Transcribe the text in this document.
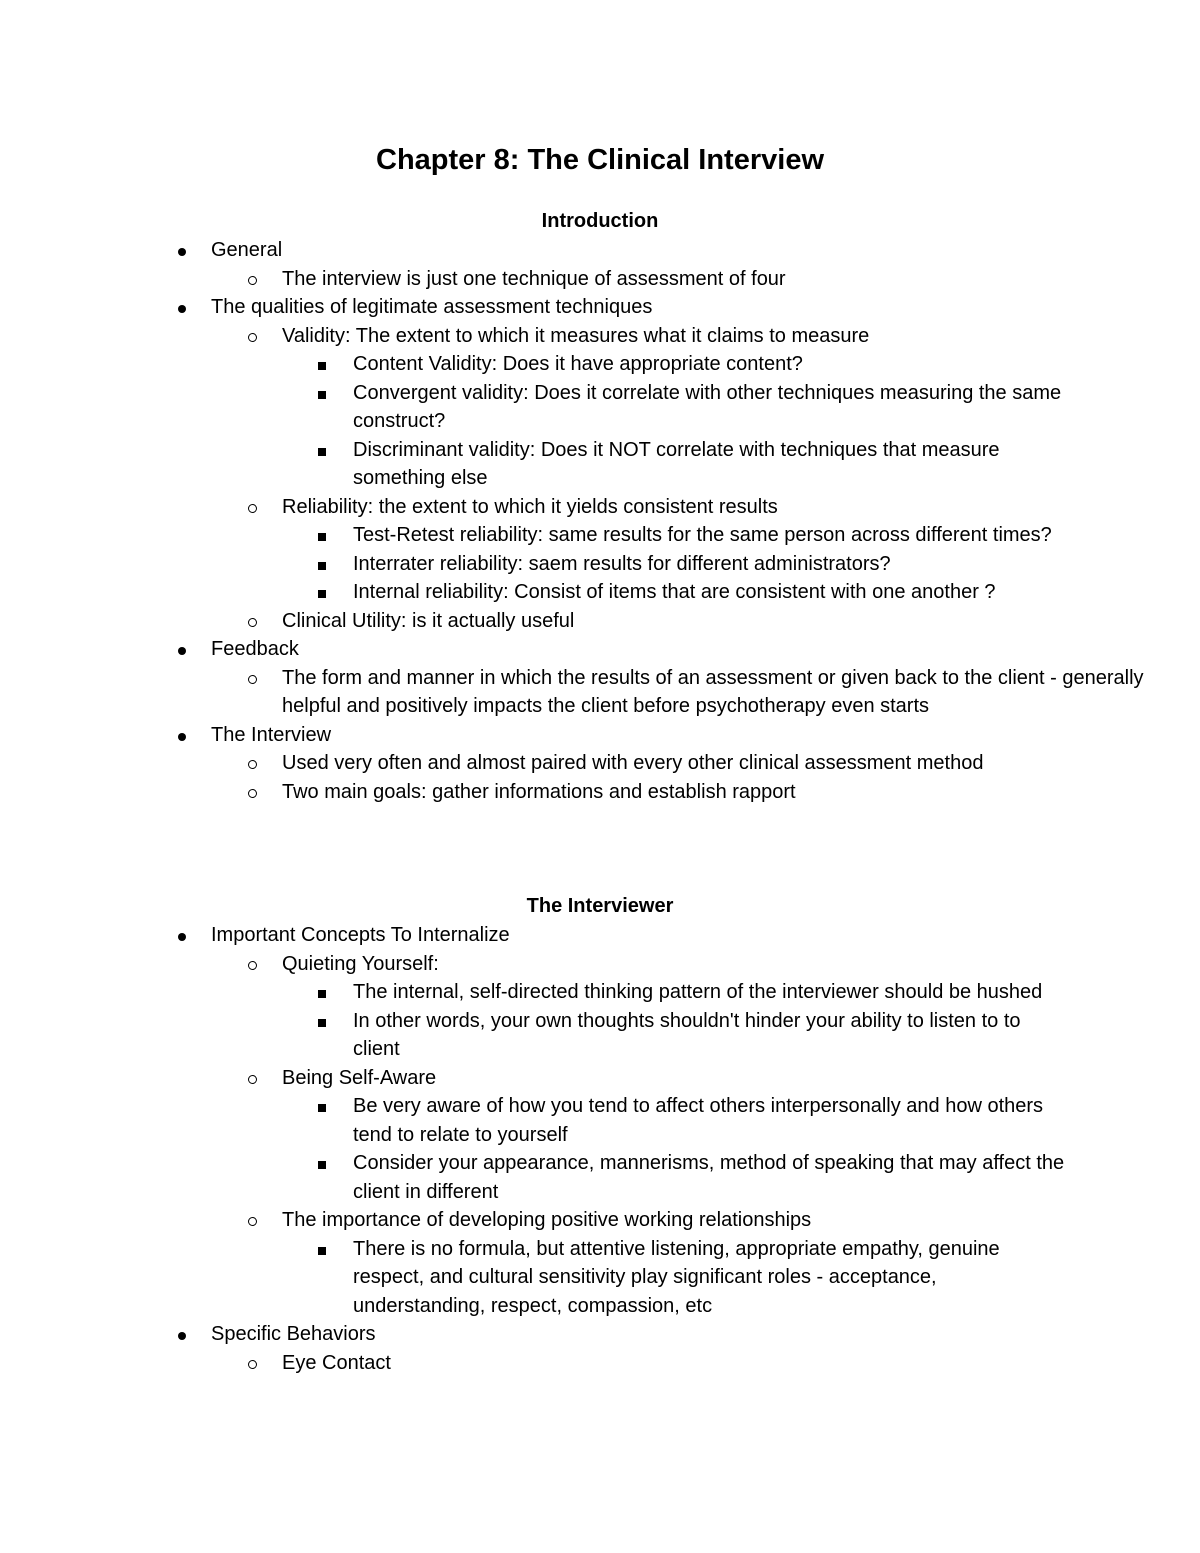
Chapter 8: The Clinical Interview
Introduction
General
The interview is just one technique of assessment of four
The qualities of legitimate assessment techniques
Validity: The extent to which it measures what it claims to measure
Content Validity: Does it have appropriate content?
Convergent validity: Does it correlate with other techniques measuring the same construct?
Discriminant validity: Does it NOT correlate with techniques that measure something else
Reliability: the extent to which it yields consistent results
Test-Retest reliability: same results for the same person across different times?
Interrater reliability: saem results for different administrators?
Internal reliability: Consist of items that are consistent with one another ?
Clinical Utility: is it actually useful
Feedback
The form and manner in which the results of an assessment or given back to the client - generally helpful and positively impacts the client before psychotherapy even starts
The Interview
Used very often and almost paired with every other clinical assessment method
Two main goals: gather informations and establish rapport
The Interviewer
Important Concepts To Internalize
Quieting Yourself:
The internal, self-directed thinking pattern of the interviewer should be hushed
In other words, your own thoughts shouldn't hinder your ability to listen to to client
Being Self-Aware
Be very aware of how you tend to affect others interpersonally and how others tend to relate to yourself
Consider your appearance, mannerisms, method of speaking that may affect the client in different
The importance of developing positive working relationships
There is no formula, but attentive listening, appropriate empathy, genuine respect, and cultural sensitivity play significant roles - acceptance, understanding, respect, compassion, etc
Specific Behaviors
Eye Contact
